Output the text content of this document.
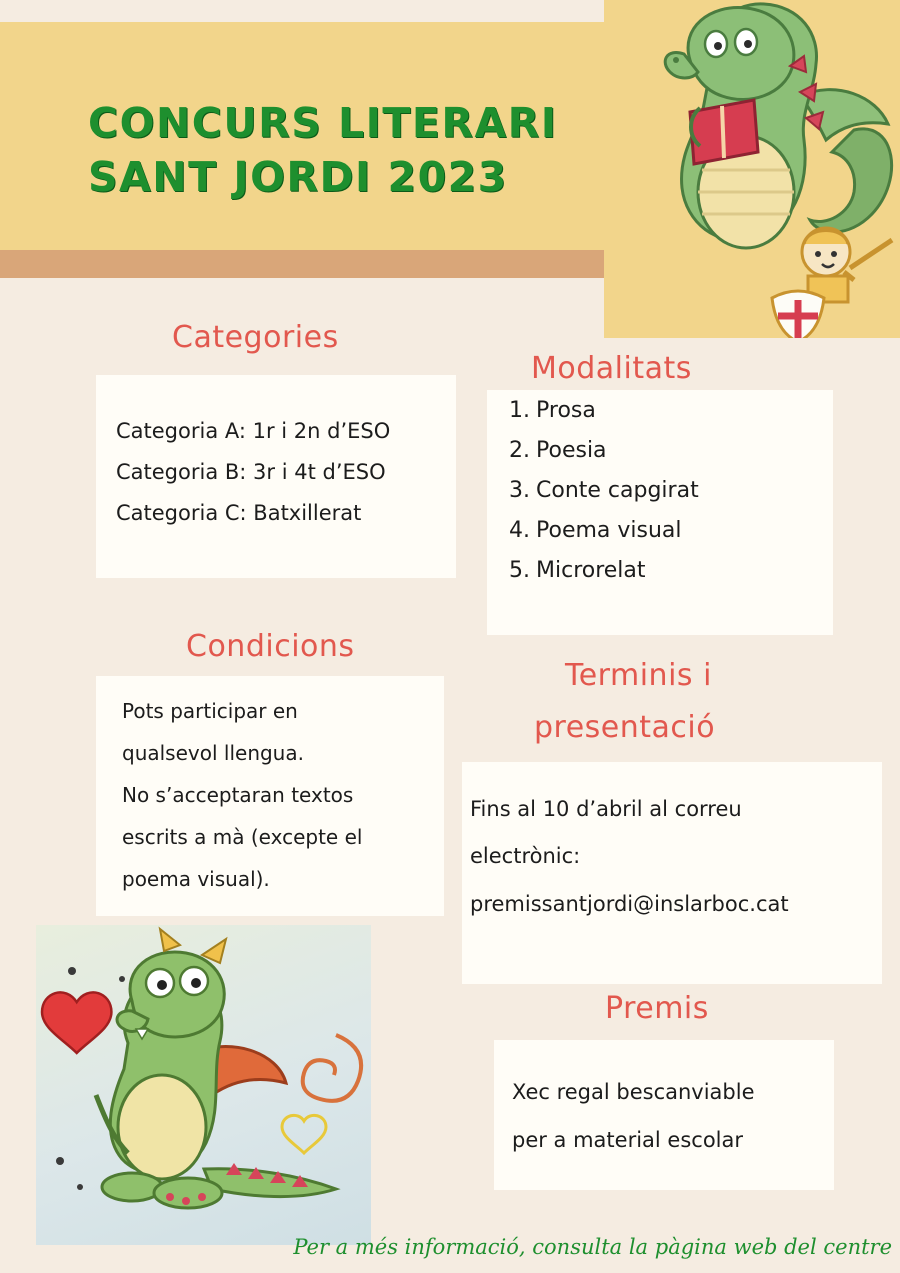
CONCURS LITERARI
SANT JORDI 2023
Categories

Categoria A: 1r i 2n d’ESO

Categoria B: 3r i 4t d’ESO

Categoria C: Batxillerat

Modalitats
1. Prosa
2. Poesia
3. Conte capgirat
4. Poema visual
5. Microrelat
Condicions

Pots participar en

qualsevol llengua.

No s’acceptaran textos

escrits a mà (excepte el

poema visual).

Terminis i
presentació

Fins al 10 d’abril al correu

electrònic:

premissantjordi@inslarboc.cat

Premis

Xec regal bescanviable

per a material escolar

Per a més informació, consulta la pàgina web del centre
